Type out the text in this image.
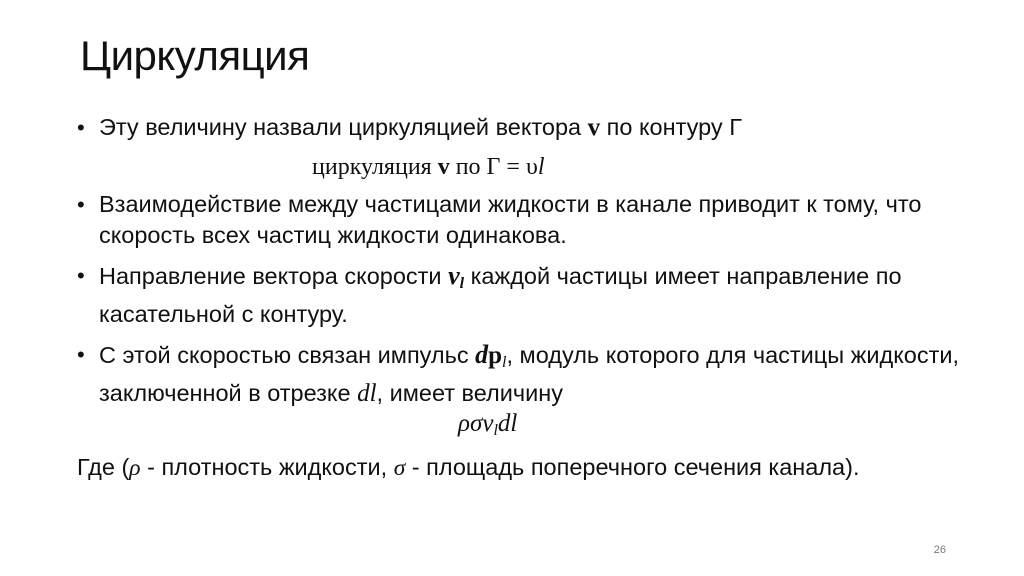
Циркуляция
• Эту величину назвали циркуляцией вектора v по контуру Г
циркуляция v по Г = υl
• Взаимодействие между частицами жидкости в канале приводит к тому, что скорость всех частиц жидкости одинакова.
• Направление вектора скорости $v_l$ каждой частицы имеет направление по касательной с контуру.
• С этой скоростью связан импульс $dp_l$, модуль которого для частицы жидкости, заключенной в отрезке dl, имеет величину
ρσv$_l$dl
Где (ρ - плотность жидкости, σ - площадь поперечного сечения канала).
26
